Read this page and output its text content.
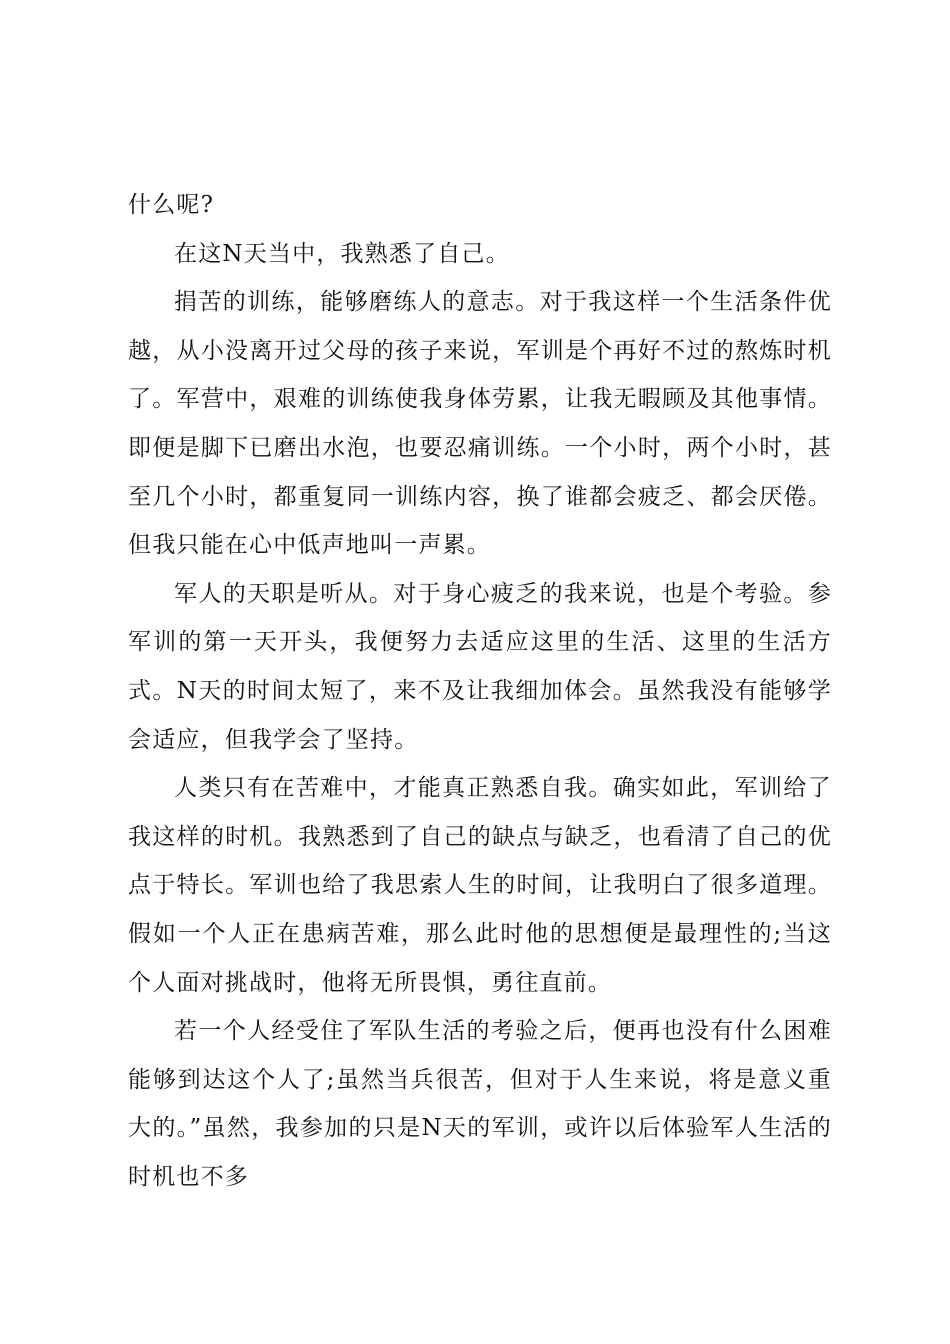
什么呢?

在这N天当中，我熟悉了自己。

捐苦的训练，能够磨练人的意志。对于我这样一个生活条件优越，从小没离开过父母的孩子来说，军训是个再好不过的熬炼时机了。军营中，艰难的训练使我身体劳累，让我无暇顾及其他事情。即便是脚下已磨出水泡，也要忍痛训练。一个小时，两个小时，甚至几个小时，都重复同一训练内容，换了谁都会疲乏、都会厌倦。但我只能在心中低声地叫一声累。

军人的天职是听从。对于身心疲乏的我来说，也是个考验。参军训的第一天开头，我便努力去适应这里的生活、这里的生活方式。N天的时间太短了，来不及让我细加体会。虽然我没有能够学会适应，但我学会了坚持。

人类只有在苦难中，才能真正熟悉自我。确实如此，军训给了我这样的时机。我熟悉到了自己的缺点与缺乏，也看清了自己的优点于特长。军训也给了我思索人生的时间，让我明白了很多道理。假如一个人正在患病苦难，那么此时他的思想便是最理性的;当这个人面对挑战时，他将无所畏惧，勇往直前。

若一个人经受住了军队生活的考验之后，便再也没有什么困难能够到达这个人了;虽然当兵很苦，但对于人生来说，将是意义重大的。”虽然，我参加的只是N天的军训，或许以后体验军人生活的时机也不多
